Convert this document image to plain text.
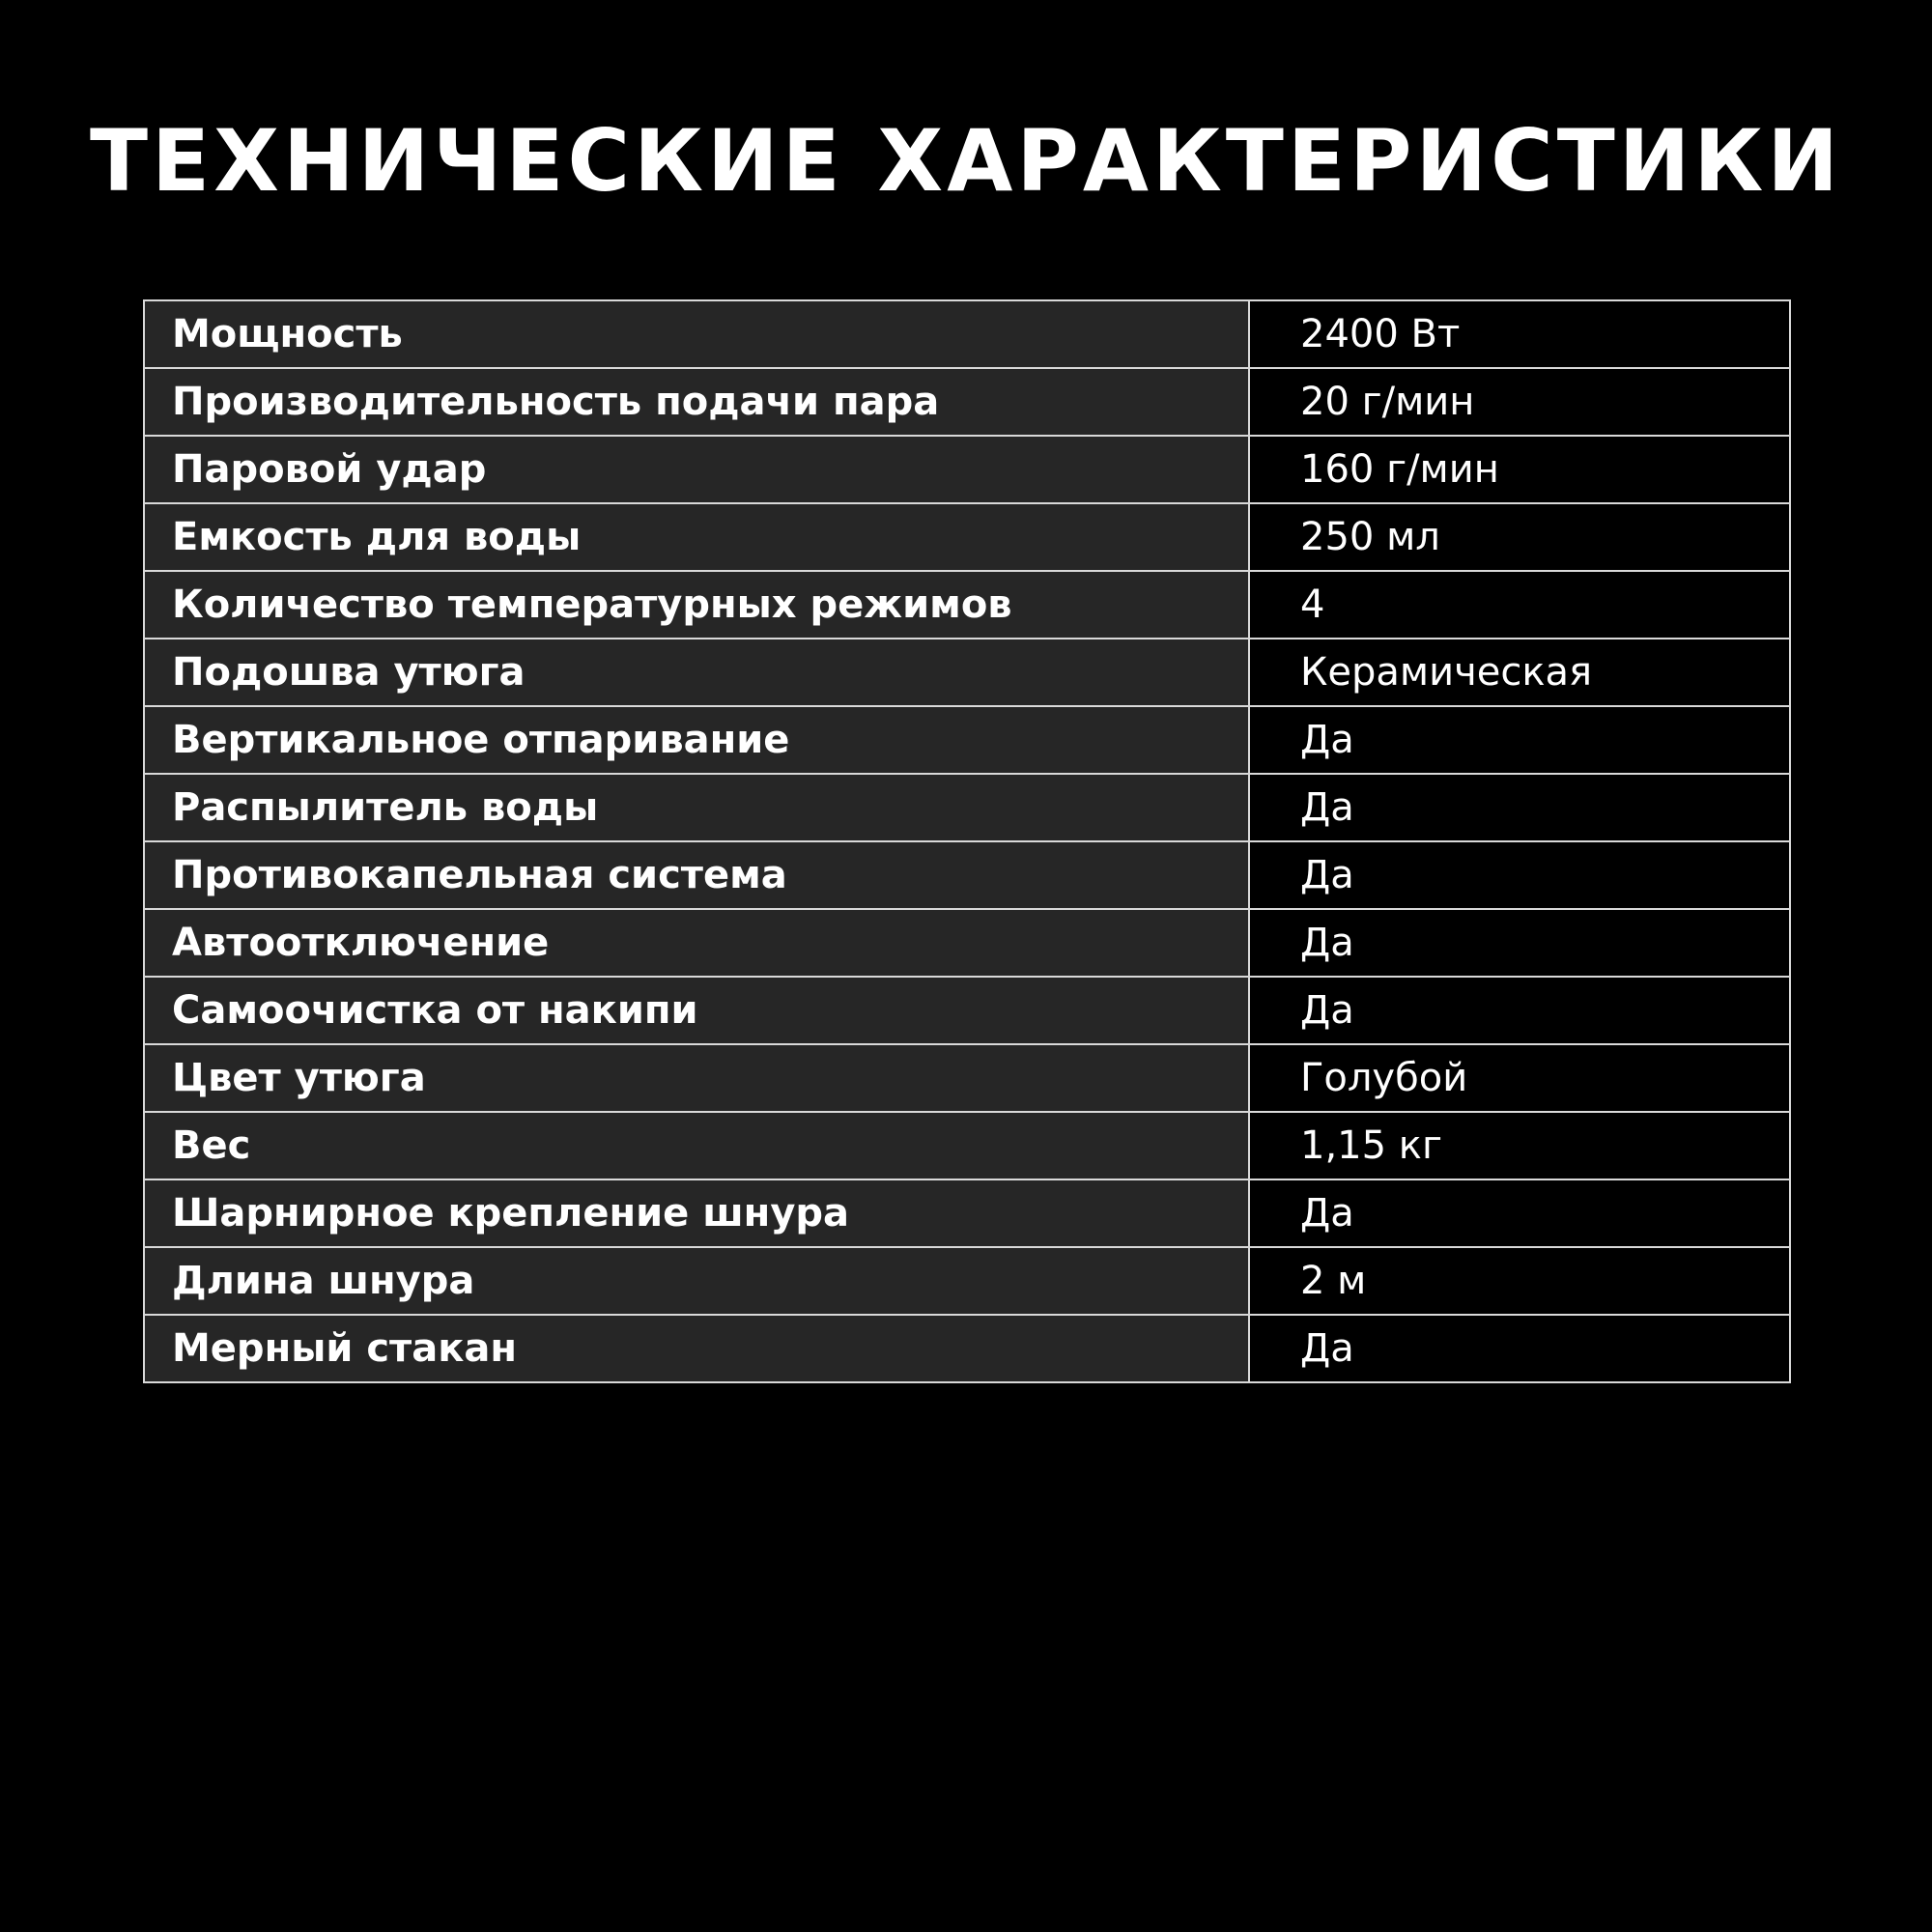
ТЕХНИЧЕСКИЕ ХАРАКТЕРИСТИКИ
Мощность	2400 Вт
Производительность подачи пара	20 г/мин
Паровой удар	160 г/мин
Емкость для воды	250 мл
Количество температурных режимов	4
Подошва утюга	Керамическая
Вертикальное отпаривание	Да
Распылитель воды	Да
Противокапельная система	Да
Автоотключение	Да
Самоочистка от накипи	Да
Цвет утюга	Голубой
Вес	1,15 кг
Шарнирное крепление шнура	Да
Длина шнура	2 м
Мерный стакан	Да
